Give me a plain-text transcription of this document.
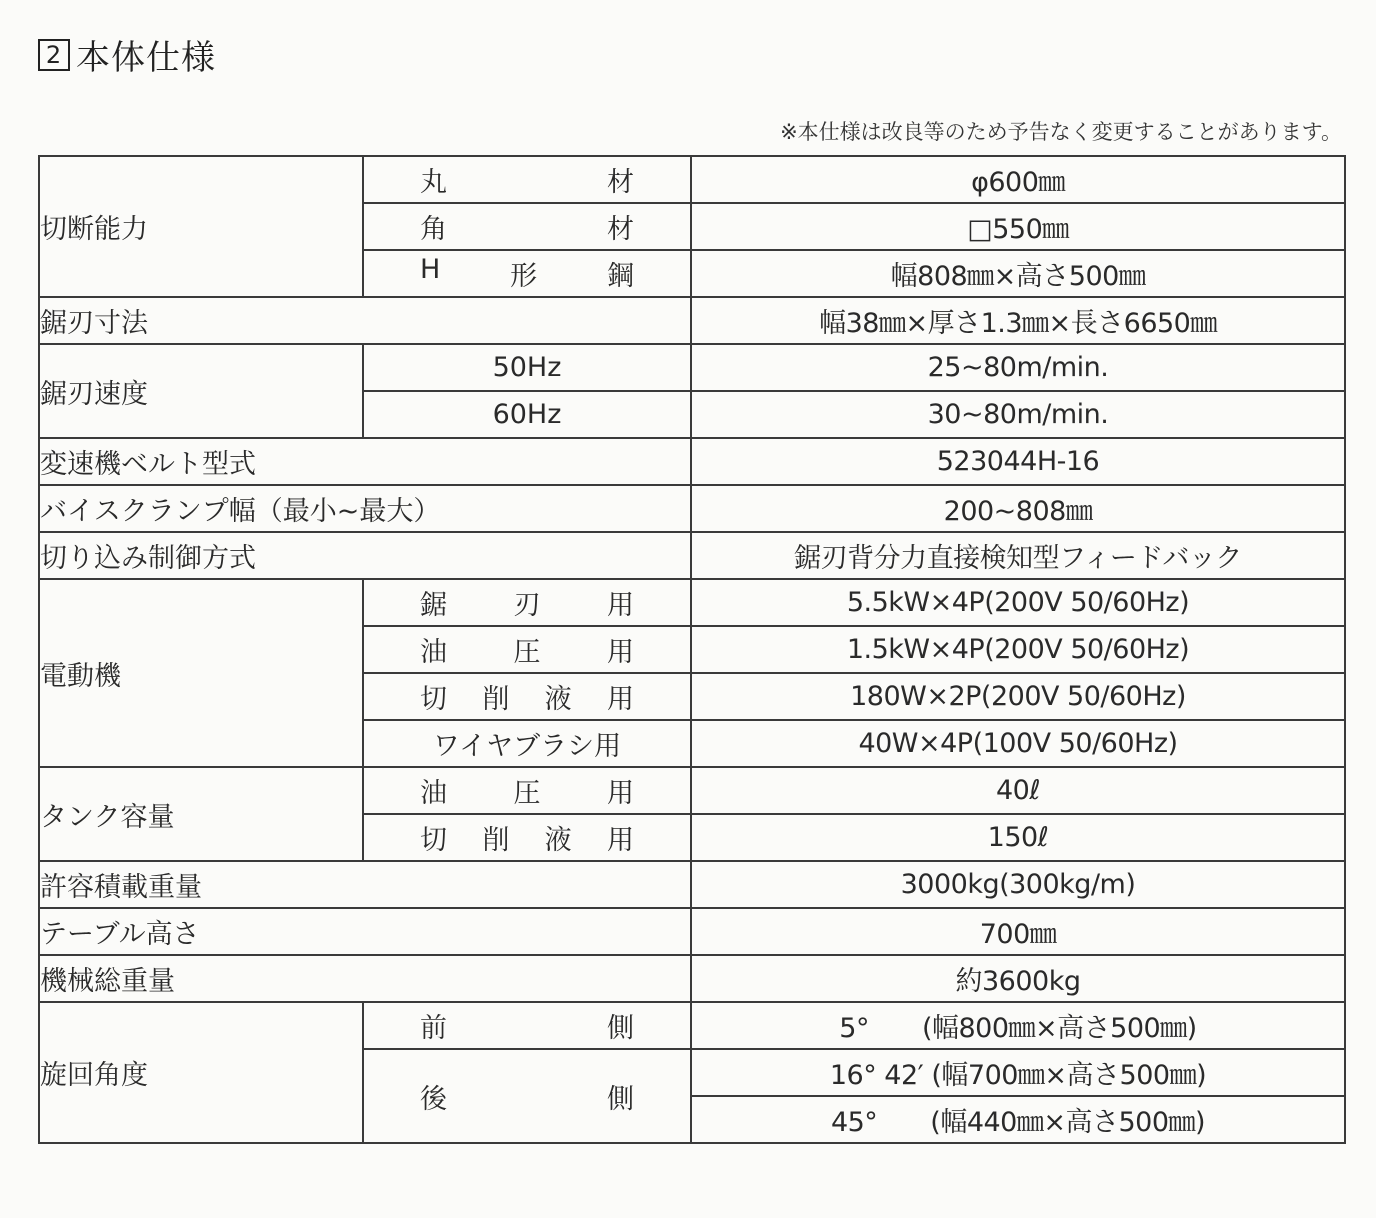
2 本体仕様
※本仕様は改良等のため予告なく変更することがあります。
切断能力	丸 材	φ600㎜

	角 材	□550㎜

	H 形 鋼	幅808㎜×高さ500㎜
鋸刃寸法		幅38㎜×厚さ1.3㎜×長さ6650㎜
鋸刃速度	50Hz	25~80m/min.
	60Hz	30~80m/min.
変速機ベルト型式		523044H-16
バイスクランプ幅（最小~最大）		200~808㎜
切り込み制御方式		鋸刃背分力直接検知型フィードバック
電動機	鋸 刃 用	5.5kW×4P(200V 50/60Hz)

	油 圧 用	1.5kW×4P(200V 50/60Hz)

	切 削 液 用	180W×2P(200V 50/60Hz)
	ワイヤブラシ用	40W×4P(100V 50/60Hz)
タンク容量	油 圧 用	40ℓ

	切 削 液 用	150ℓ
許容積載重量		3000kg(300kg/m)
テーブル高さ		700㎜
機械総重量		約3600kg
旋回角度	前 側	5°　　(幅800㎜×高さ500㎜)

	後 側	16° 42′ (幅700㎜×高さ500㎜)
		45°　　(幅440㎜×高さ500㎜)
